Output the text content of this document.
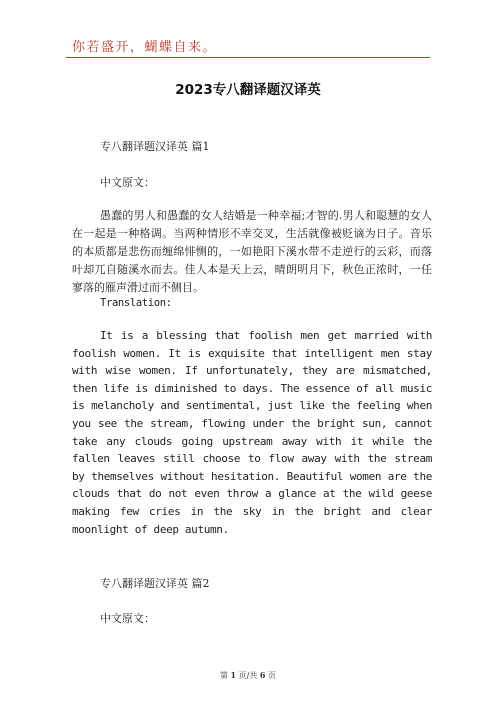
你若盛开，蝴蝶自来。

2023专八翻译题汉译英

专八翻译题汉译英 篇1

中文原文：

愚蠢的男人和愚蠢的女人结婚是一种幸福;才智的.男人和聪慧的女人在一起是一种格调。当两种情形不幸交叉，生活就像被贬谪为日子。音乐的本质都是悲伤而缠绵悱恻的，一如艳阳下溪水带不走逆行的云彩，而落叶却兀自随溪水而去。佳人本是天上云，晴朗明月下，秋色正浓时，一任寥落的雁声滑过而不侧目。

Translation:

It is a blessing that foolish men get married with foolish women. It is exquisite that intelligent men stay with wise women. If unfortunately, they are mismatched, then life is diminished to days. The essence of all music is melancholy and sentimental, just like the feeling when you see the stream, flowing under the bright sun, cannot take any clouds going upstream away with it while the fallen leaves still choose to flow away with the stream by themselves without hesitation. Beautiful women are the clouds that do not even throw a glance at the wild geese making few cries in the sky in the bright and clear moonlight of deep autumn.

专八翻译题汉译英 篇2

中文原文：

第 1 页/共 6 页
